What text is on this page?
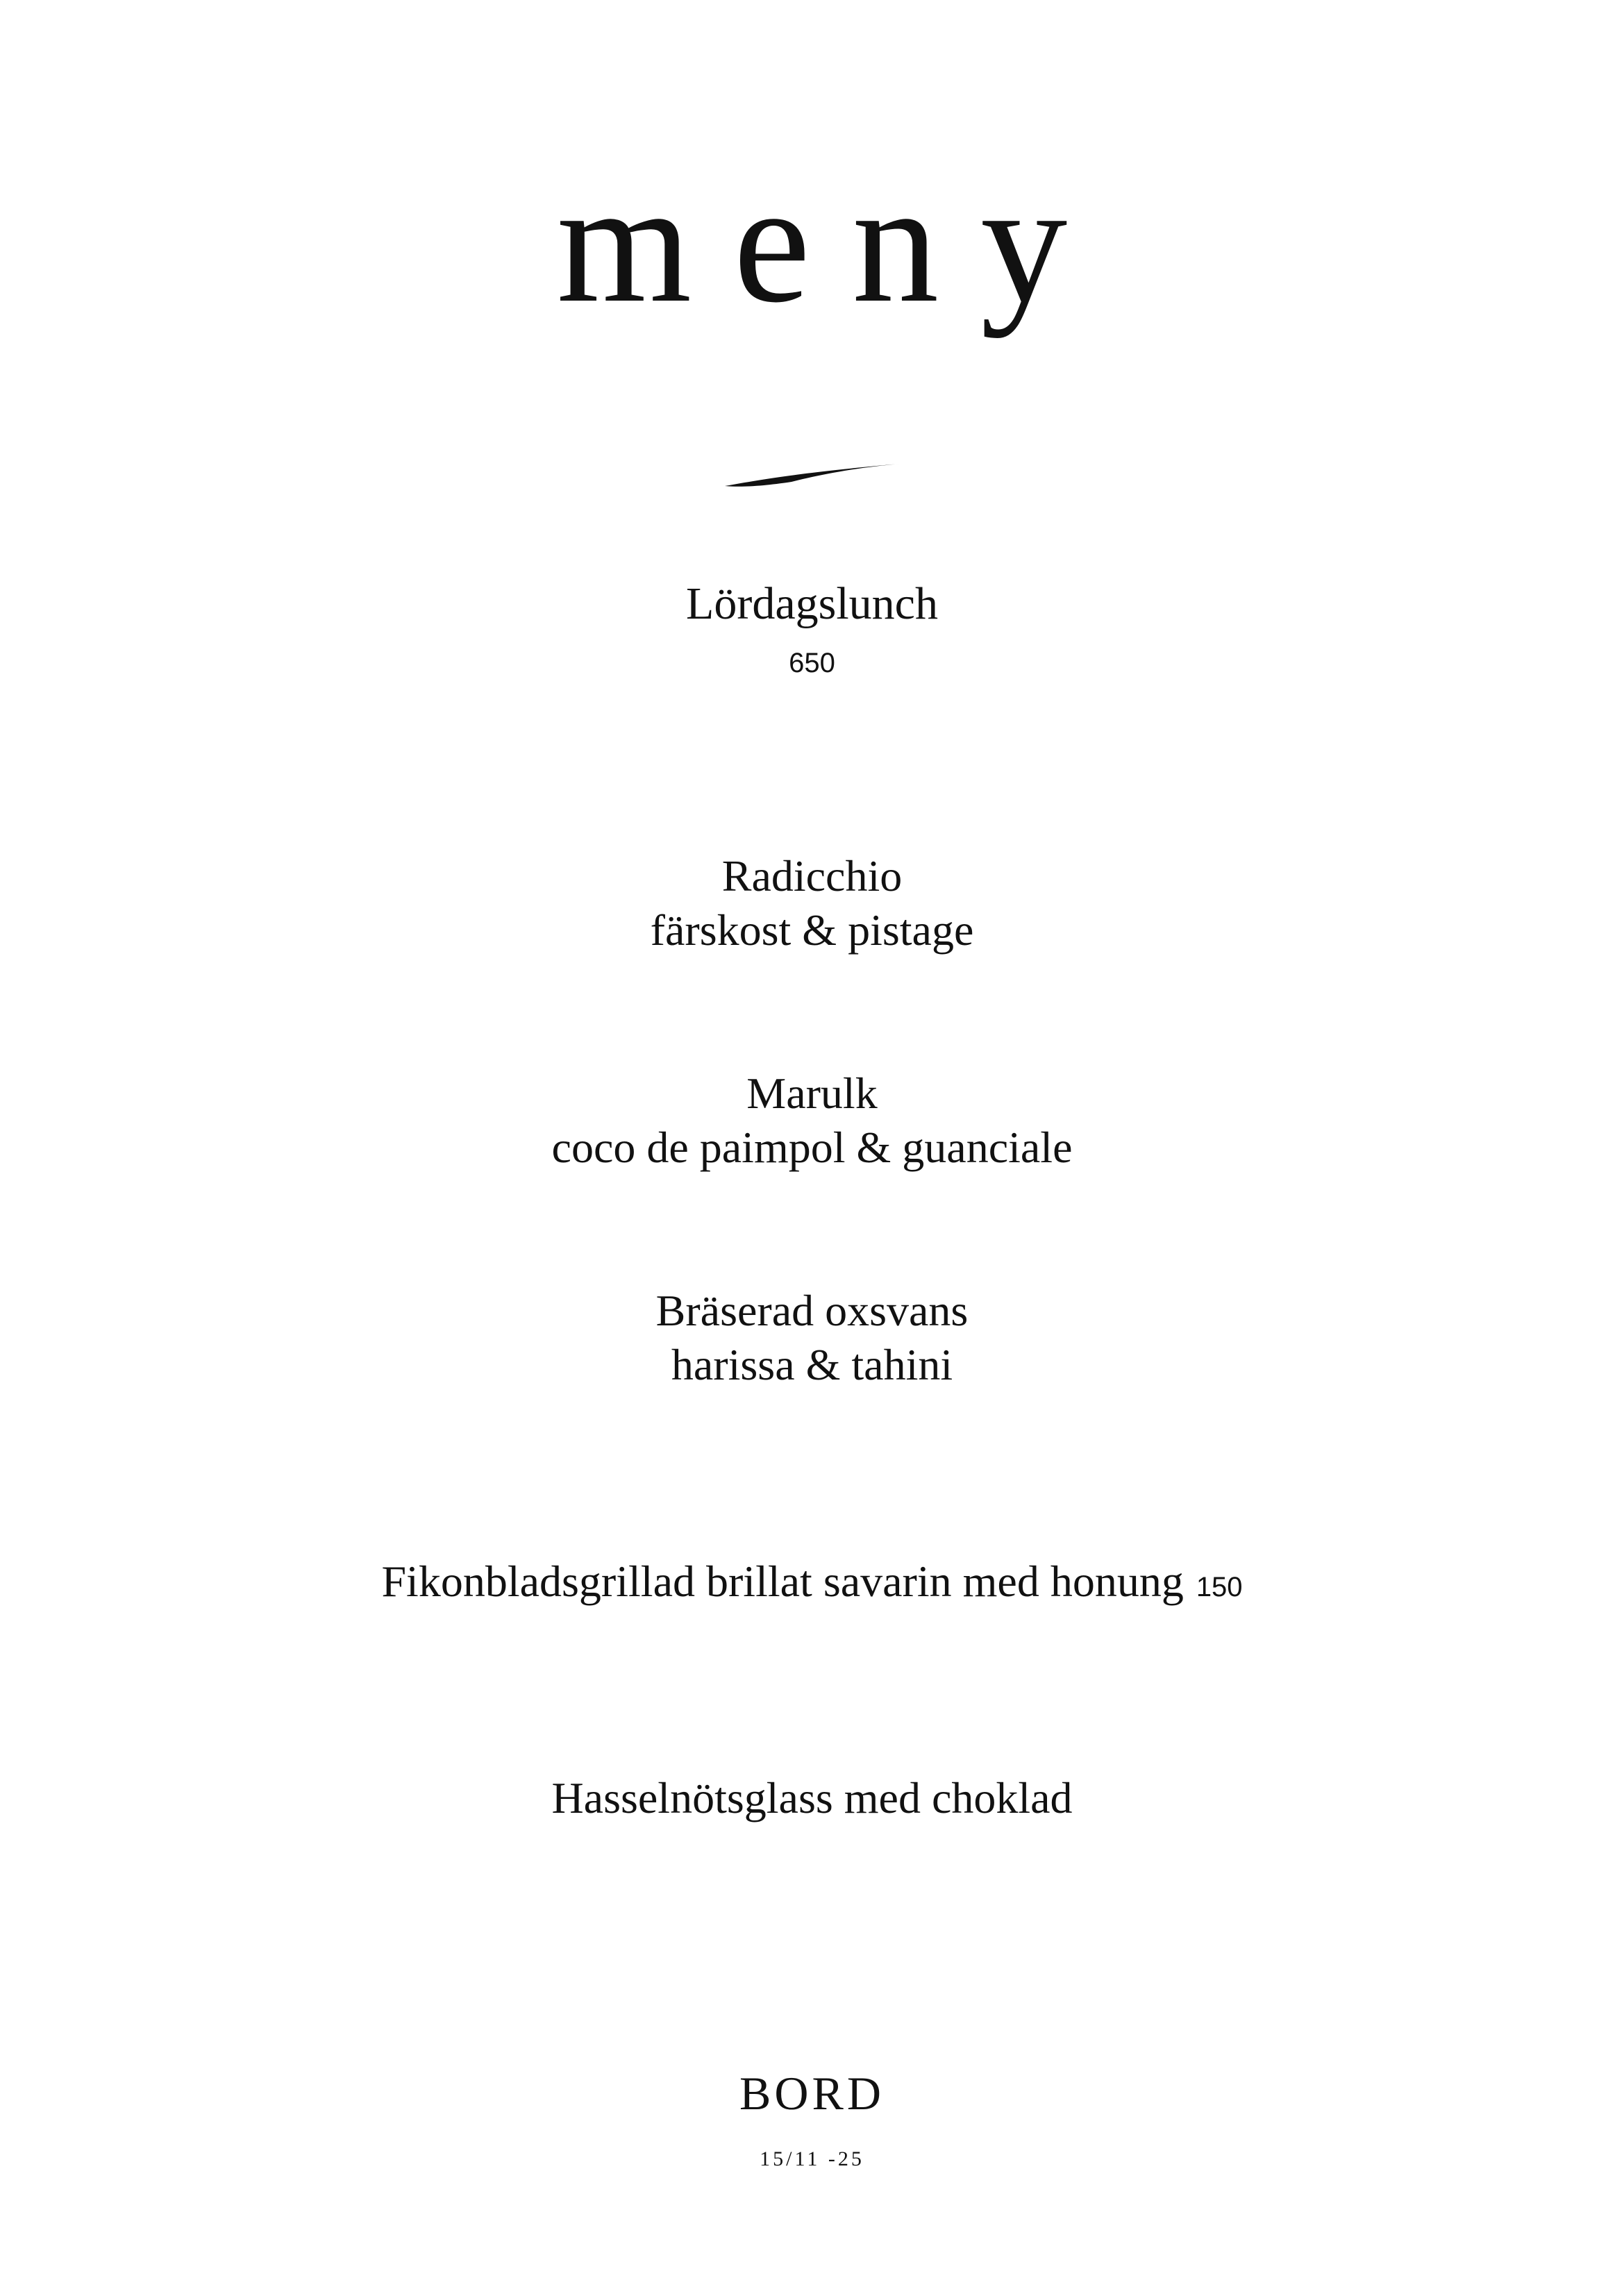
meny
Lördagslunch
650
Radicchio
färskost & pistage
Marulk
coco de paimpol & guanciale
Bräserad oxsvans
harissa & tahini
Fikonbladsgrillad brillat savarin med honung 150
Hasselnötsglass med choklad
BORD
15/11 -25
